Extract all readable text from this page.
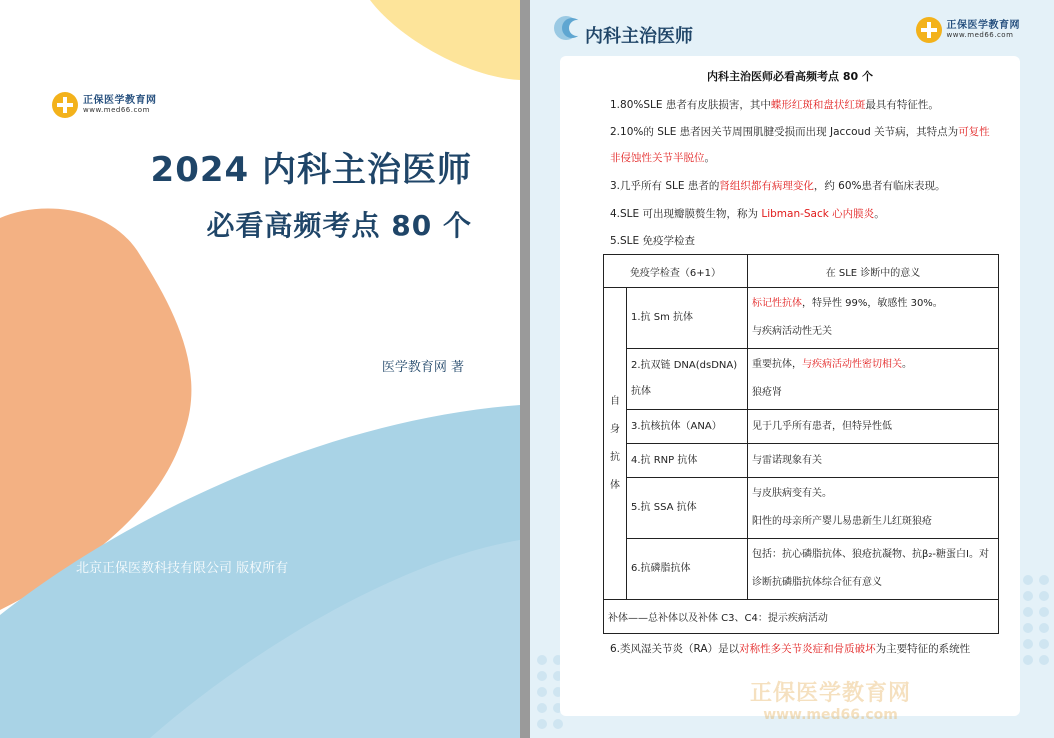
正保医学教育网
www.med66.com
2024 内科主治医师
必看高频考点 80 个
医学教育网 著
北京正保医教科技有限公司 版权所有
内科主治医师
正保医学教育网
www.med66.com
内科主治医师必看高频考点 80 个
1.80%SLE 患者有皮肤损害，其中蝶形红斑和盘状红斑最具有特征性。
2.10%的 SLE 患者因关节周围肌腱受损而出现 Jaccoud 关节病，其特点为可复性非侵蚀性关节半脱位。
3.几乎所有 SLE 患者的肾组织都有病理变化，约 60%患者有临床表现。
4.SLE 可出现瓣膜赘生物，称为 Libman-Sack 心内膜炎。
5.SLE 免疫学检查
6.类风湿关节炎（RA）是以对称性多关节炎症和骨质破坏为主要特征的系统性
正保医学教育网
www.med66.com
免疫学检查（6+1）		在 SLE 诊断中的意义

自
身
抗
体	1.抗 Sm 抗体	标记性抗体，特异性 99%，敏感性 30%。
与疾病活动性无关

	2.抗双链 DNA(dsDNA)抗体	重要抗体，与疾病活动性密切相关。
狼疮肾

	3.抗核抗体（ANA）	见于几乎所有患者，但特异性低
	4.抗 RNP 抗体	与雷诺现象有关
	5.抗 SSA 抗体	与皮肤病变有关。
阳性的母亲所产婴儿易患新生儿红斑狼疮

	6.抗磷脂抗体	包括：抗心磷脂抗体、狼疮抗凝物、抗β₂-糖蛋白Ⅰ。对诊断抗磷脂抗体综合征有意义
补体——总补体以及补体 C3、C4：提示疾病活动		
